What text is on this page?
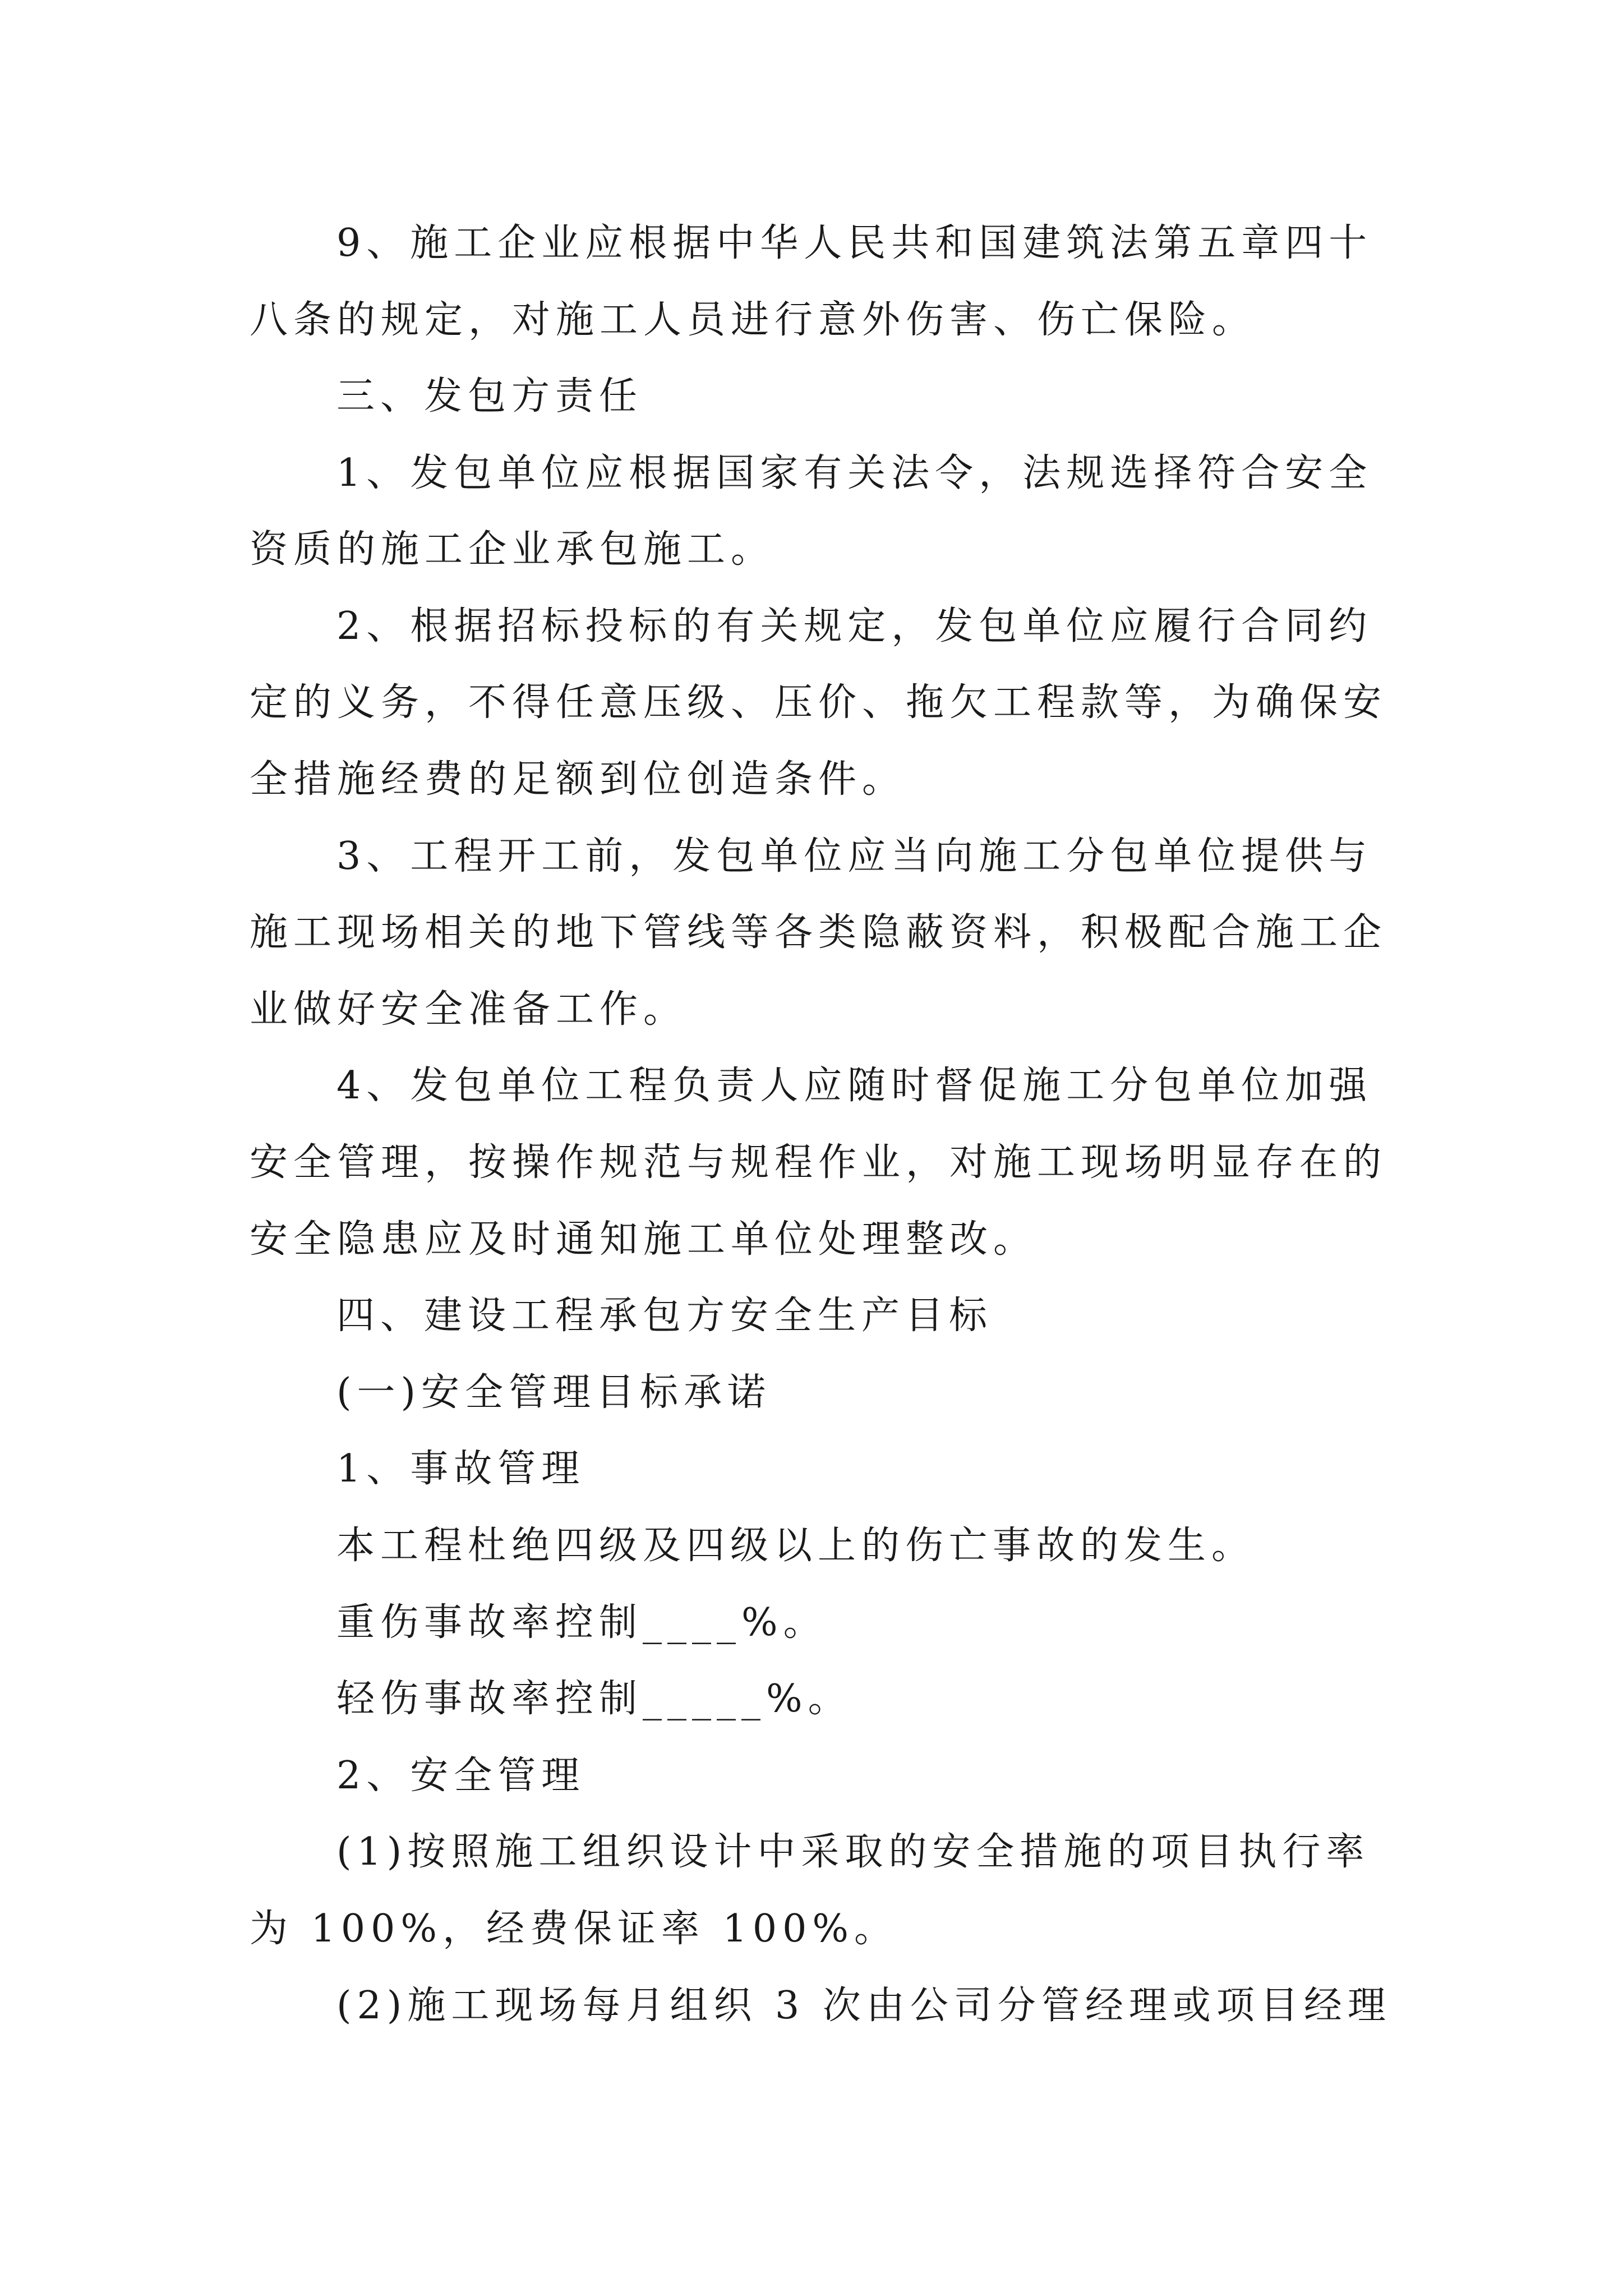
9、施工企业应根据中华人民共和国建筑法第五章四十
八条的规定，对施工人员进行意外伤害、伤亡保险。
三、发包方责任
1、发包单位应根据国家有关法令，法规选择符合安全
资质的施工企业承包施工。
2、根据招标投标的有关规定，发包单位应履行合同约
定的义务，不得任意压级、压价、拖欠工程款等，为确保安
全措施经费的足额到位创造条件。
3、工程开工前，发包单位应当向施工分包单位提供与
施工现场相关的地下管线等各类隐蔽资料，积极配合施工企
业做好安全准备工作。
4、发包单位工程负责人应随时督促施工分包单位加强
安全管理，按操作规范与规程作业，对施工现场明显存在的
安全隐患应及时通知施工单位处理整改。
四、建设工程承包方安全生产目标
(一)安全管理目标承诺
1、事故管理
本工程杜绝四级及四级以上的伤亡事故的发生。
重伤事故率控制____%。
轻伤事故率控制_____%。
2、安全管理
(1)按照施工组织设计中采取的安全措施的项目执行率
为 100%，经费保证率 100%。
(2)施工现场每月组织 3 次由公司分管经理或项目经理
